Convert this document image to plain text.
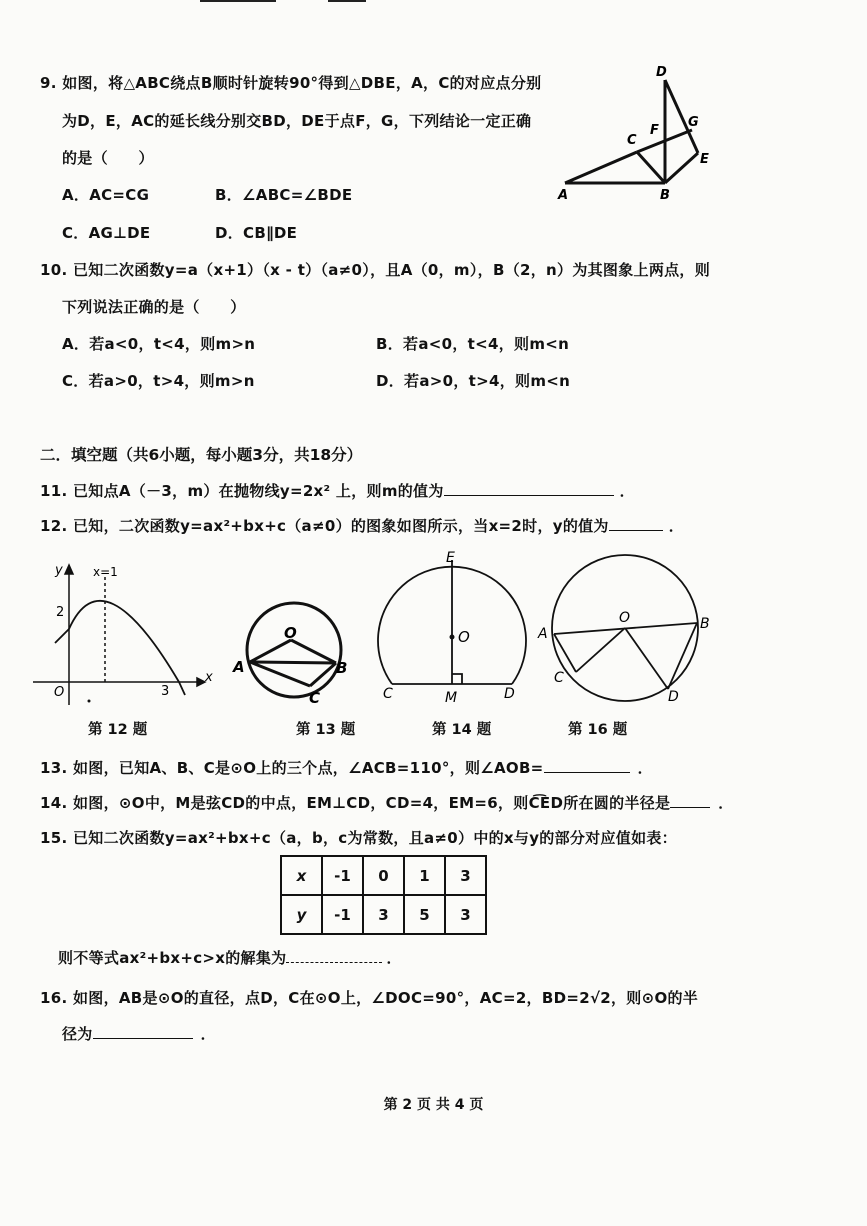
9. 如图，将△ABC绕点B顺时针旋转90°得到△DBE，A，C的对应点分别
为D，E，AC的延长线分别交BD，DE于点F，G，下列结论一定正确
的是（　　）
A．AC=CG	B．∠ABC=∠BDE
C．AG⊥DE	D．CB∥DE
D
C
F
G
E
A	B
10. 已知二次函数y=a（x+1）（x - t）（a≠0），且A（0，m），B（2，n）为其图象上两点，则
下列说法正确的是（　　）
A．若a<0，t<4，则m>n	B．若a<0，t<4，则m<n
C．若a>0，t>4，则m>n	D．若a>0，t>4，则m<n
二．填空题（共6小题，每小题3分，共18分）
11. 已知点A（－3，m）在抛物线y=2x² 上，则m的值为	．
12. 已知，二次函数y=ax²+bx+c（a≠0）的图象如图所示，当x=2时，y的值为	．
y
x
x=1
2
3
O
第 12 题
O
A	B
C
第 13 题
E
O
C	M	D
第 14 题
O
A
B
C
D
第 16 题
13. 如图，已知A、B、C是⊙O上的三个点，∠ACB=110°，则∠AOB=	．
14. 如图，⊙O中，M是弦CD的中点，EM⊥CD，CD=4，EM=6，则C͡ED所在圆的半径是	．
15. 已知二次函数y=ax²+bx+c（a，b，c为常数，且a≠0）中的x与y的部分对应值如表：
x	-1	0	1	3
y	-1	3	5	3
则不等式ax²+bx+c>x的解集为	．
16. 如图，AB是⊙O的直径，点D，C在⊙O上，∠DOC=90°，AC=2，BD=2√2，则⊙O的半
径为	．
第 2 页 共 4 页
